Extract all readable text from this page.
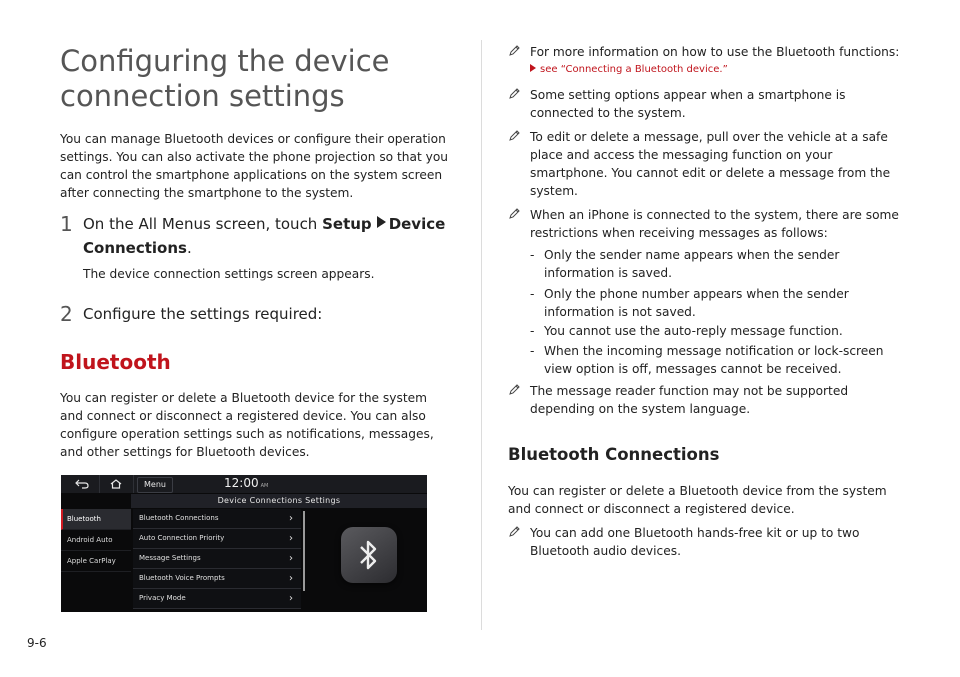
Configuring the device connection settings

You can manage Bluetooth devices or configure their operation settings. You can also activate the phone projection so that you can control the smartphone applications on the system screen after connecting the smartphone to the system.

1 On the All Menus screen, touch Setup Device Connections.
The device connection settings screen appears.
2 Configure the settings required:
Bluetooth

You can register or delete a Bluetooth device for the system and connect or disconnect a registered device. You can also configure operation settings such as notifications, messages, and other settings for Bluetooth devices.

Menu	12:00 AM
Device Connections Settings
Bluetooth
Android Auto
Apple CarPlay
Bluetooth Connections	›
Auto Connection Priority	›
Message Settings	›
Bluetooth Voice Prompts	›
Privacy Mode	›
For more information on how to use the Bluetooth functions:
see “Connecting a Bluetooth device.”
Some setting options appear when a smartphone is connected to the system.
To edit or delete a message, pull over the vehicle at a safe place and access the messaging function on your smartphone. You cannot edit or delete a message from the system.
When an iPhone is connected to the system, there are some restrictions when receiving messages as follows:
- Only the sender name appears when the sender information is saved.
- Only the phone number appears when the sender information is not saved.
- You cannot use the auto-reply message function.
- When the incoming message notification or lock-screen view option is off, messages cannot be received.
The message reader function may not be supported depending on the system language.
Bluetooth Connections

You can register or delete a Bluetooth device from the system and connect or disconnect a registered device.

You can add one Bluetooth hands-free kit or up to two Bluetooth audio devices.
9-6
